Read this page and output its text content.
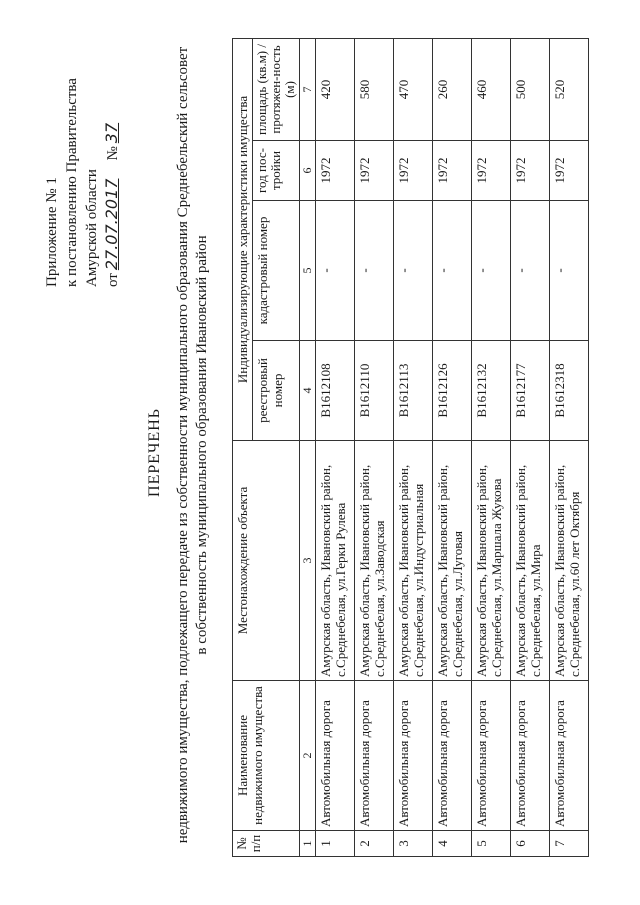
Приложение № 1 к постановлению Правительства Амурской области от27.07.2017    №37
ПЕРЕЧЕНЬ недвижимого имущества, подлежащего передаче из собственности муниципального образования Среднебельский сельсовет в собственность муниципального образования Ивановский район
№ п/п	Наименование недвижимого имущества	Местонахождение объекта	Индивидуализирующие характеристики имущества			
			реестровый номер	кадастровый номер	год пос-тройки	площадь (кв.м) / протяжен-ность (м)
1	2	3	4	5	6	7
1	Автомобильная дорога	Амурская область, Ивановский район, с.Среднебелая, ул.Герки Рулева	B1612108	-	1972	420
2	Автомобильная дорога	Амурская область, Ивановский район, с.Среднебелая, ул.Заводская	B1612110	-	1972	580
3	Автомобильная дорога	Амурская область, Ивановский район, с.Среднебелая, ул.Индустриальная	B1612113	-	1972	470
4	Автомобильная дорога	Амурская область, Ивановский район, с.Среднебелая, ул.Луговая	B1612126	-	1972	260
5	Автомобильная дорога	Амурская область, Ивановский район, с.Среднебелая, ул.Маршала Жукова	B1612132	-	1972	460
6	Автомобильная дорога	Амурская область, Ивановский район, с.Среднебелая, ул.Мира	B1612177	-	1972	500
7	Автомобильная дорога	Амурская область, Ивановский район, с.Среднебелая, ул.60 лет Октября	B1612318	-	1972	520
